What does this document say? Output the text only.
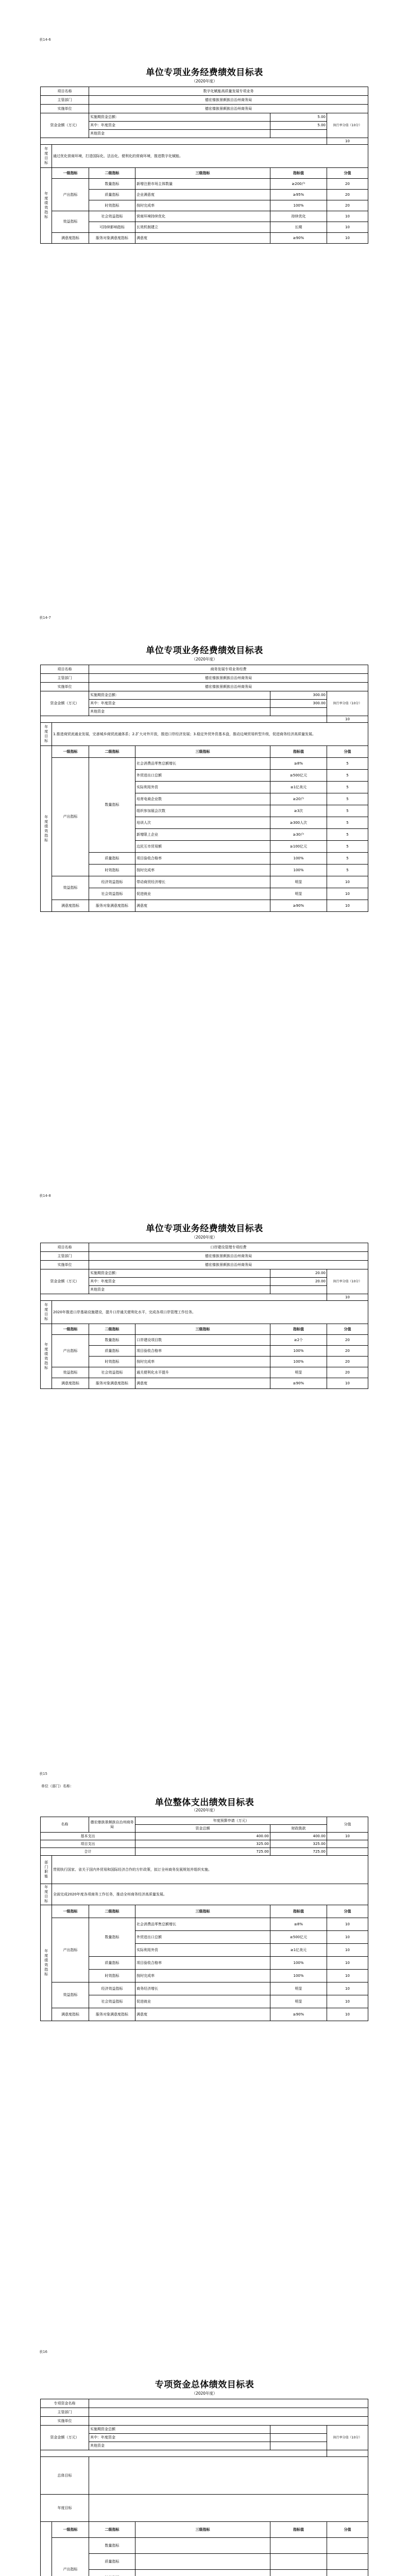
表14-6
单位专项业务经费绩效目标表
（2020年度）
项目名称		数字化赋能高质量发展专项业务			
主管部门		德宏傣族景颇族自治州商务局			
实施单位		德宏傣族景颇族自治州商务局			
资金金额（万元）		实施期资金总额：		5.00	执行率分值（10分）
		其中：年度资金		5.00	
		其他资金			
					10
年度目标	通过优化营商环境，打造国际化、法治化、便利化的营商环境，推进数字化赋能。				
年度绩效指标	一级指标	二级指标	三级指标	指标值	分值
	产出指标	数量指标	新增注册市场主体数量	≥200户	20
		质量指标	企业满意度	≥95%	20
		时效指标	按时完成率	100%	20
	效益指标	社会效益指标	营商环境持续优化	持续优化	10
		可持续影响指标	长效机制建立	长期	10
	满意度指标	服务对象满意度指标	满意度	≥90%	10
表14-7
单位专项业务经费绩效目标表
（2020年度）
项目名称		商务发展专项业务经费			
主管部门		德宏傣族景颇族自治州商务局			
实施单位		德宏傣族景颇族自治州商务局			
资金金额（万元）		实施期资金总额：		300.00	执行率分值（10分）
		其中：年度资金		300.00	
		其他资金			
					10
年度目标	1.推进商贸流通业发展，完善城乡商贸流通体系；2.扩大对外开放，推进口岸经济发展；3.稳定外贸外资基本盘，推动边境贸易转型升级，促进商务经济高质量发展。				
年度绩效指标	一级指标	二级指标	三级指标	指标值	分值
	产出指标	数量指标	社会消费品零售总额增长	≥8%	5
			外贸进出口总额	≥500亿元	5
			实际利用外资	≥1亿美元	5
			培育电商企业数	≥20户	5
			组织参加展会次数	≥3次	5
			培训人次	≥300人次	5
			新增限上企业	≥30户	5
			边民互市贸易额	≥100亿元	5
		质量指标	项目验收合格率	100%	5
		时效指标	按时完成率	100%	5
	效益指标	经济效益指标	带动商贸经济增长	明显	10
		社会效益指标	促进就业	明显	10
	满意度指标	服务对象满意度指标	满意度	≥90%	10
表14-8
单位专项业务经费绩效目标表
（2020年度）
项目名称		口岸建设管理专项经费			
主管部门		德宏傣族景颇族自治州商务局			
实施单位		德宏傣族景颇族自治州商务局			
资金金额（万元）		实施期资金总额：		20.00	执行率分值（10分）
		其中：年度资金		20.00	
		其他资金			
					10
年度目标	2020年推进口岸基础设施建设，提升口岸通关便利化水平，完成各项口岸管理工作任务。				
年度绩效指标	一级指标	二级指标	三级指标	指标值	分值
	产出指标	数量指标	口岸建设项目数	≥2个	20
		质量指标	项目验收合格率	100%	20
		时效指标	按时完成率	100%	20
	效益指标	社会效益指标	通关便利化水平提升	明显	20
	满意度指标	服务对象满意度指标	满意度	≥90%	10
表15
单位（部门）名称：
单位整体支出绩效目标表
（2020年度）
名称		德宏傣族景颇族自治州商务局	年度预算申请（万元）		分值
			资金总额	财政拨款	
基本支出			400.00	400.00	10
项目支出			325.00	325.00	
合计			725.00	725.00	
部门职能	贯彻执行国家、省关于国内外贸易和国际经济合作的方针政策，拟订全州商务发展规划并组织实施。				
年度目标	全面完成2020年度各项商务工作任务，推动全州商务经济高质量发展。				
年度绩效指标	一级指标	二级指标	三级指标	指标值	分值
	产出指标	数量指标	社会消费品零售总额增长	≥8%	10
			外贸进出口总额	≥500亿元	10
			实际利用外资	≥1亿美元	10
		质量指标	项目验收合格率	100%	10
		时效指标	按时完成率	100%	10
	效益指标	经济效益指标	商务经济增长	明显	10
		社会效益指标	促进就业	明显	10
	满意度指标	服务对象满意度指标	满意度	≥90%	10
表16
专项资金总体绩效目标表
（2020年度）
专项资金名称					
主管部门					
实施单位					
资金金额（万元）		实施期资金总额			执行率分值（10分）
		其中：年度资金			
		其他资金			

总体目标					
年度目标					
	一级指标	二级指标	三级指标	指标值	分值
	产出指标	数量指标			
		质量指标			
